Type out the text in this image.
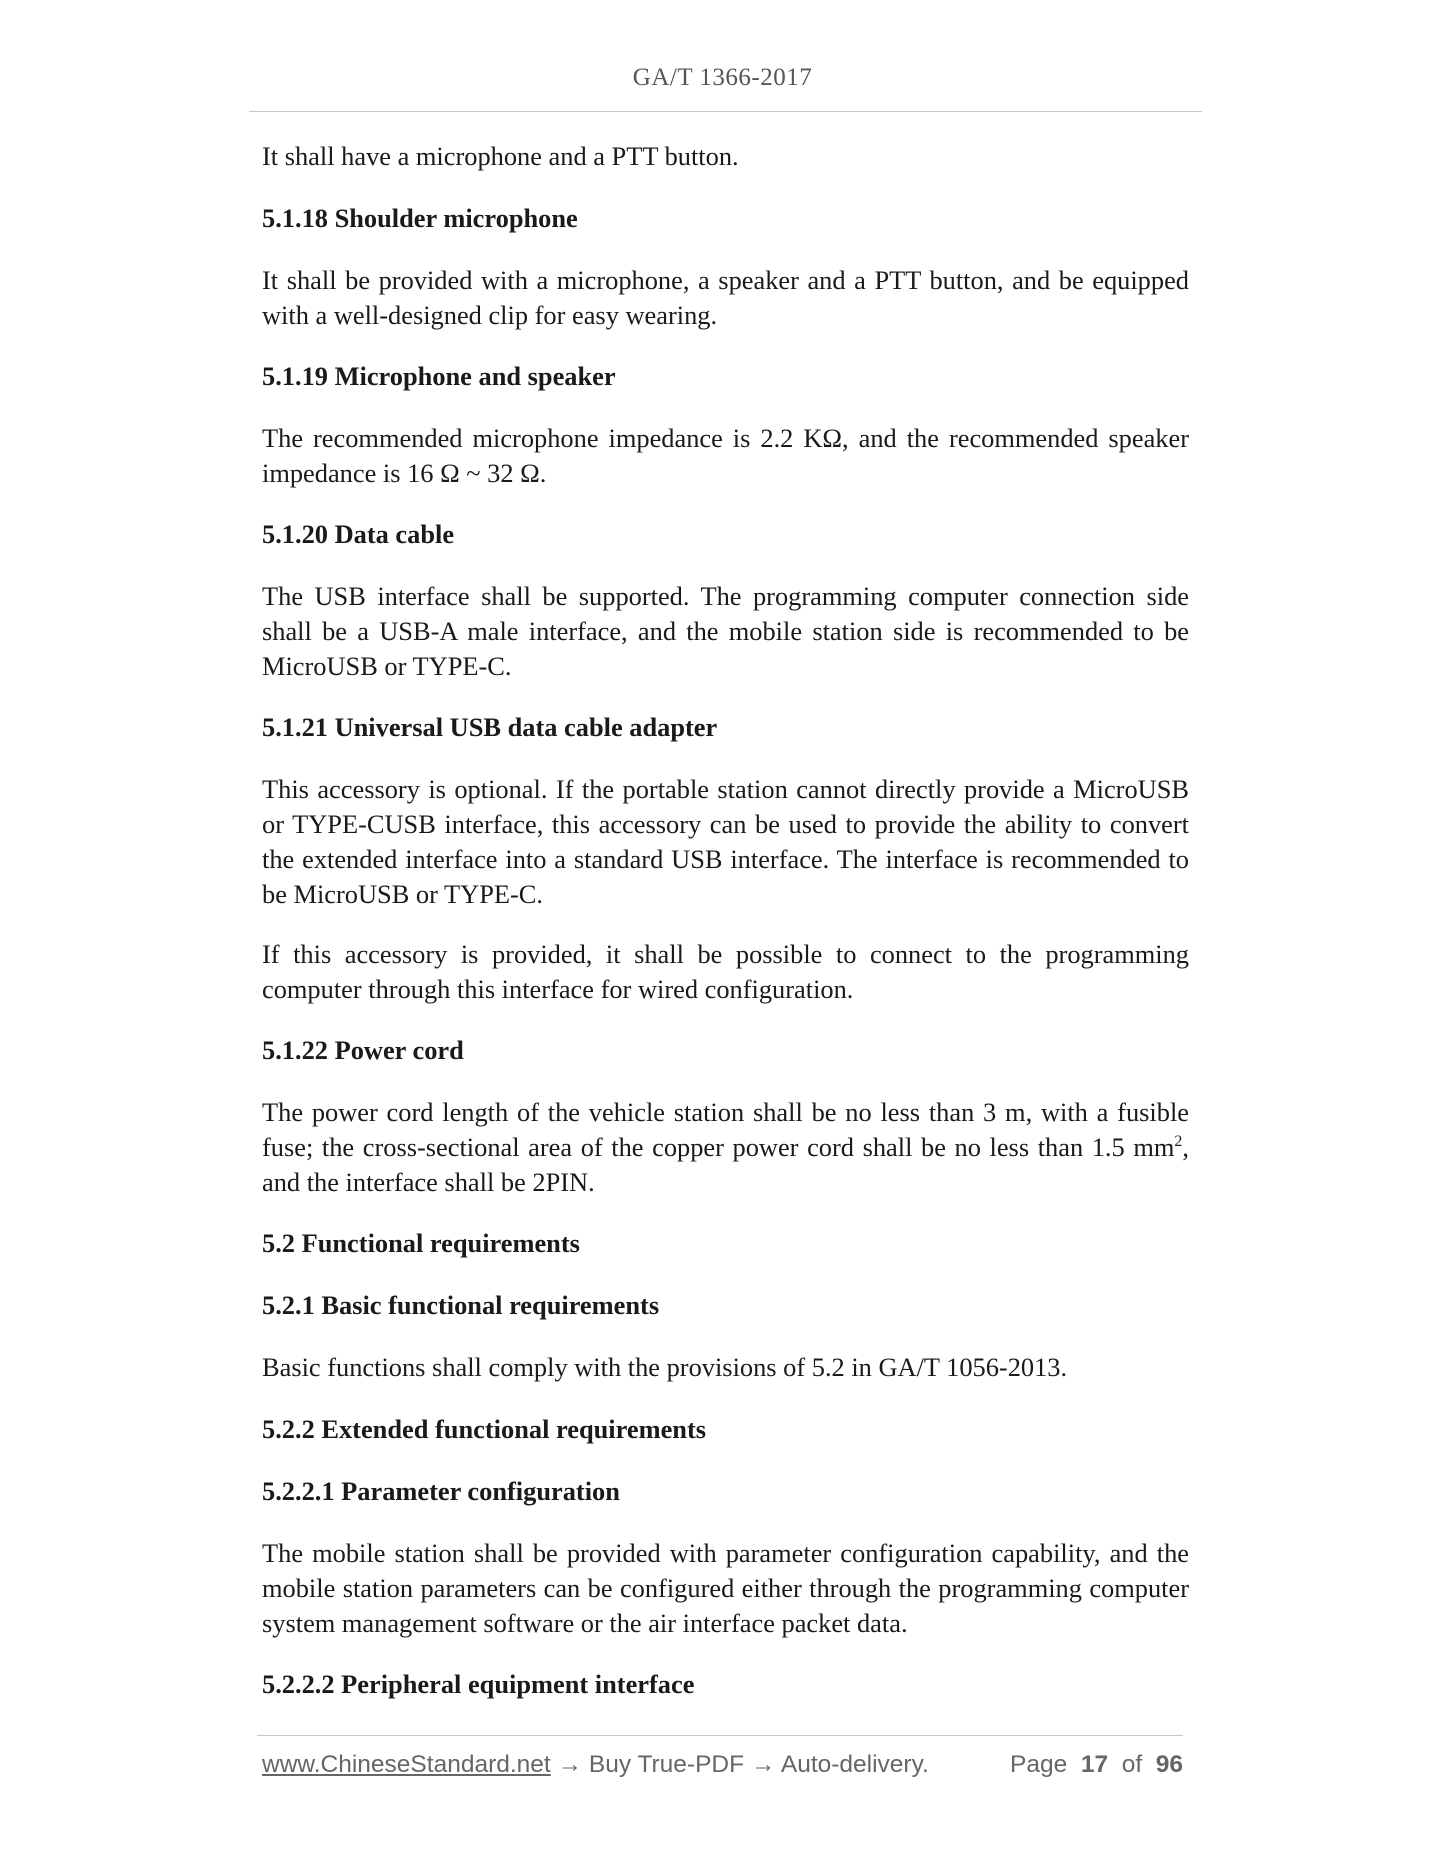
GA/T 1366-2017

It shall have a microphone and a PTT button.

5.1.18 Shoulder microphone

It shall be provided with a microphone, a speaker and a PTT button, and be equipped with a well-designed clip for easy wearing.

5.1.19 Microphone and speaker

The recommended microphone impedance is 2.2 KΩ, and the recommended speaker impedance is 16 Ω ~ 32 Ω.

5.1.20 Data cable

The USB interface shall be supported. The programming computer connection side shall be a USB-A male interface, and the mobile station side is recommended to be MicroUSB or TYPE-C.

5.1.21 Universal USB data cable adapter

This accessory is optional. If the portable station cannot directly provide a MicroUSB or TYPE-CUSB interface, this accessory can be used to provide the ability to convert the extended interface into a standard USB interface. The interface is recommended to be MicroUSB or TYPE-C.

If this accessory is provided, it shall be possible to connect to the programming computer through this interface for wired configuration.

5.1.22 Power cord

The power cord length of the vehicle station shall be no less than 3 m, with a fusible fuse; the cross-sectional area of the copper power cord shall be no less than 1.5 $mm^2$, and the interface shall be 2PIN.

5.2 Functional requirements

5.2.1 Basic functional requirements

Basic functions shall comply with the provisions of 5.2 in GA/T 1056-2013.

5.2.2 Extended functional requirements

5.2.2.1 Parameter configuration

The mobile station shall be provided with parameter configuration capability, and the mobile station parameters can be configured either through the programming computer system management software or the air interface packet data.

5.2.2.2 Peripheral equipment interface

www.ChineseStandard.net → Buy True-PDF → Auto-delivery.	Page 17 of 96
